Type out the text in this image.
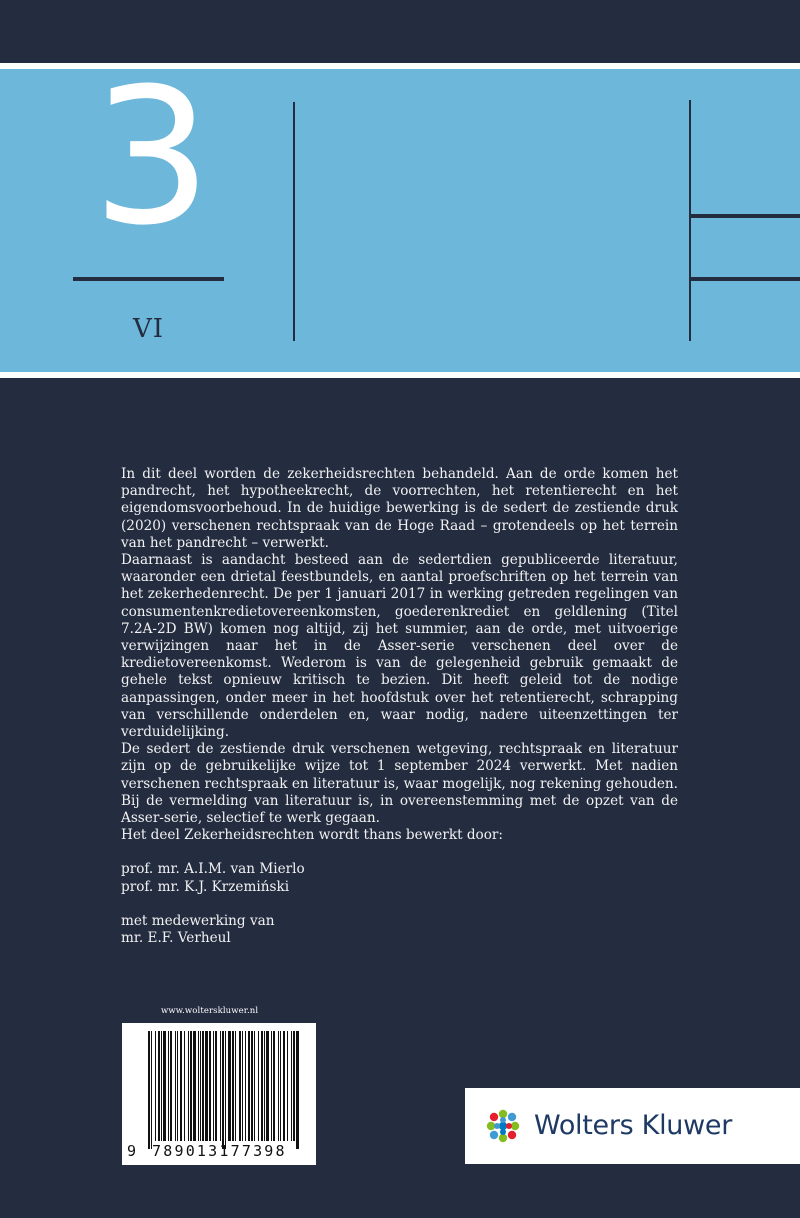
3
VI

In dit deel worden de zekerheidsrechten behandeld. Aan de orde komen het pandrecht, het hypotheekrecht, de voorrechten, het retentierecht en het eigendomsvoorbehoud. In de huidige bewerking is de sedert de zestiende druk (2020) verschenen rechtspraak van de Hoge Raad – grotendeels op het terrein van het pandrecht – verwerkt.

Daarnaast is aandacht besteed aan de sedertdien gepubliceerde literatuur, waaronder een drietal feestbundels, en aantal proefschriften op het terrein van het zekerhedenrecht. De per 1 januari 2017 in werking getreden regelingen van consumentenkredietovereenkomsten, goederenkrediet en geldlening (Titel 7.2A-2D BW) komen nog altijd, zij het summier, aan de orde, met uitvoerige verwijzingen naar het in de Asser-serie verschenen deel over de kredietovereenkomst. Wederom is van de gelegenheid gebruik gemaakt de gehele tekst opnieuw kritisch te bezien. Dit heeft geleid tot de nodige aanpassingen, onder meer in het hoofdstuk over het retentierecht, schrapping van verschillende onderdelen en, waar nodig, nadere uiteenzettingen ter verduidelijking.

De sedert de zestiende druk verschenen wetgeving, rechtspraak en literatuur zijn op de gebruikelijke wijze tot 1 september 2024 verwerkt. Met nadien verschenen rechtspraak en literatuur is, waar mogelijk, nog rekening gehouden. Bij de vermelding van literatuur is, in overeenstemming met de opzet van de Asser-serie, selectief te werk gegaan.

Het deel Zekerheidsrechten wordt thans bewerkt door:

prof. mr. A.I.M. van Mierlo

prof. mr. K.J. Krzemiński

met medewerking van

mr. E.F. Verheul

www.wolterskluwer.nl
9 789013177398
Wolters Kluwer
